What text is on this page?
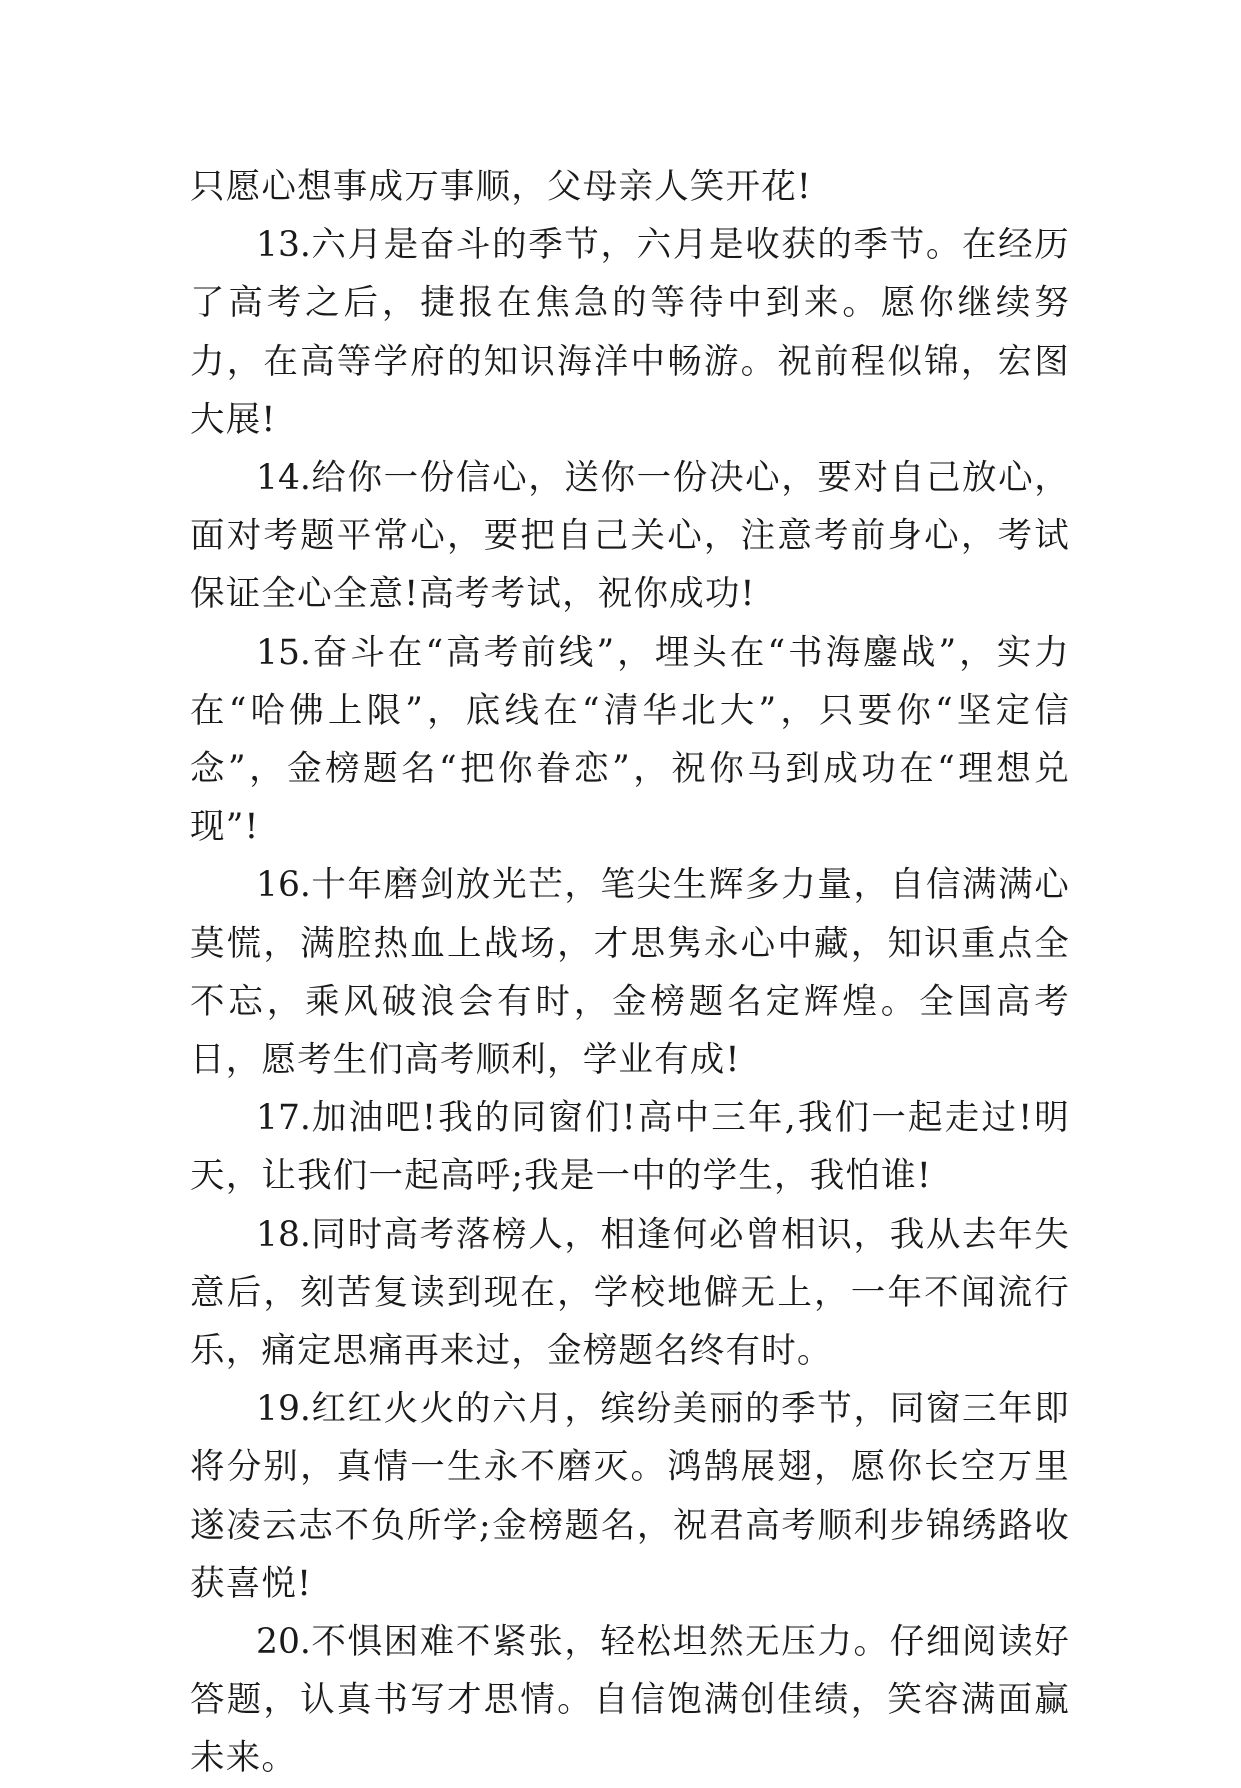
只愿心想事成万事顺，父母亲人笑开花!

13.六月是奋斗的季节，六月是收获的季节。在经历了高考之后，捷报在焦急的等待中到来。愿你继续努力，在高等学府的知识海洋中畅游。祝前程似锦，宏图大展!

14.给你一份信心，送你一份决心，要对自己放心，面对考题平常心，要把自己关心，注意考前身心，考试保证全心全意!高考考试，祝你成功!

15.奋斗在“高考前线”，埋头在“书海鏖战”，实力在“哈佛上限”，底线在“清华北大”，只要你“坚定信念”，金榜题名“把你眷恋”，祝你马到成功在“理想兑现”!

16.十年磨剑放光芒，笔尖生辉多力量，自信满满心莫慌，满腔热血上战场，才思隽永心中藏，知识重点全不忘，乘风破浪会有时，金榜题名定辉煌。全国高考日，愿考生们高考顺利，学业有成!

17.加油吧!我的同窗们!高中三年,我们一起走过!明天，让我们一起高呼;我是一中的学生，我怕谁!

18.同时高考落榜人，相逢何必曾相识，我从去年失意后，刻苦复读到现在，学校地僻无上，一年不闻流行乐，痛定思痛再来过，金榜题名终有时。

19.红红火火的六月，缤纷美丽的季节，同窗三年即将分别，真情一生永不磨灭。鸿鹄展翅，愿你长空万里遂凌云志不负所学;金榜题名，祝君高考顺利步锦绣路收获喜悦!

20.不惧困难不紧张，轻松坦然无压力。仔细阅读好答题，认真书写才思情。自信饱满创佳绩，笑容满面赢未来。
